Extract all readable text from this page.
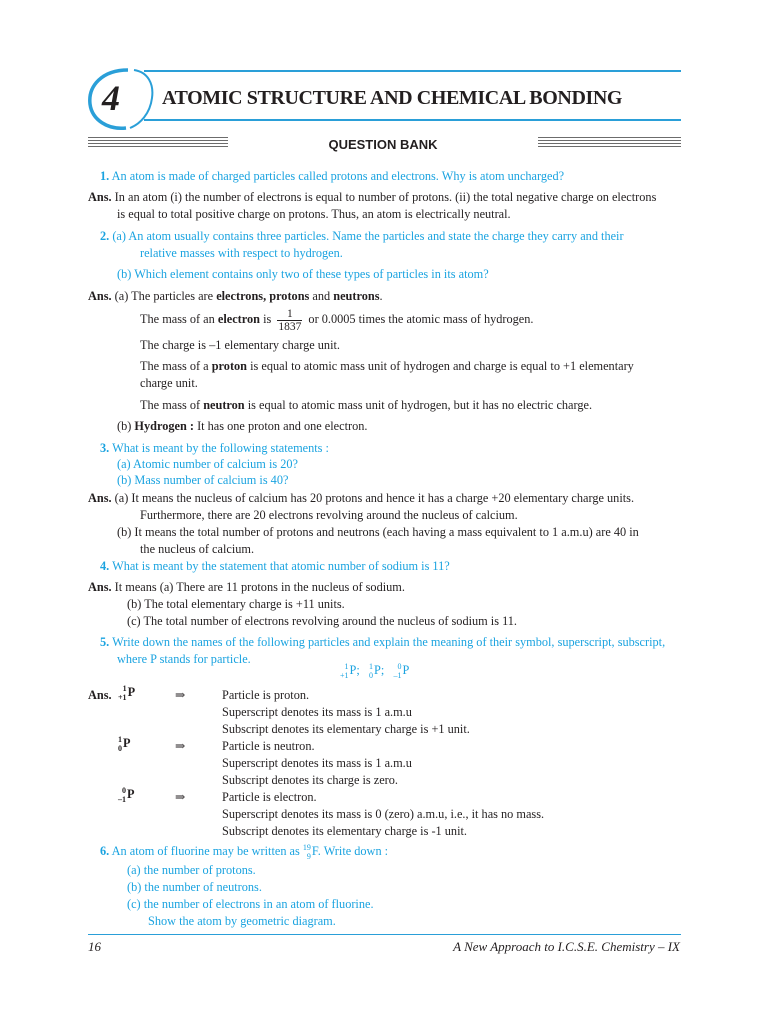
4 ATOMIC STRUCTURE AND CHEMICAL BONDING
QUESTION BANK
1. An atom is made of charged particles called protons and electrons. Why is atom uncharged?
Ans. In an atom (i) the number of electrons is equal to number of protons. (ii) the total negative charge on electrons
is equal to total positive charge on protons. Thus, an atom is electrically neutral.
2. (a) An atom usually contains three particles. Name the particles and state the charge they carry and their
relative masses with respect to hydrogen.
(b) Which element contains only two of these types of particles in its atom?
Ans. (a) The particles are electrons, protons and neutrons.
The mass of an electron is $\frac{1}{1837}$ or 0.0005 times the atomic mass of hydrogen.
The charge is –1 elementary charge unit.
The mass of a proton is equal to atomic mass unit of hydrogen and charge is equal to +1 elementary
charge unit.
The mass of neutron is equal to atomic mass unit of hydrogen, but it has no electric charge.
(b) Hydrogen : It has one proton and one electron.
3. What is meant by the following statements :
(a) Atomic number of calcium is 20?
(b) Mass number of calcium is 40?
Ans. (a) It means the nucleus of calcium has 20 protons and hence it has a charge +20 elementary charge units.
Furthermore, there are 20 electrons revolving around the nucleus of calcium.
(b) It means the total number of protons and neutrons (each having a mass equivalent to 1 a.m.u) are 40 in
the nucleus of calcium.
4. What is meant by the statement that atomic number of sodium is 11?
Ans. It means (a) There are 11 protons in the nucleus of sodium.
(b) The total elementary charge is +11 units.
(c) The total number of electrons revolving around the nucleus of sodium is 11.
5. Write down the names of the following particles and explain the meaning of their symbol, superscript, subscript,
where P stands for particle.
1
+1 P; 1
0 P;	0
–1 P
Ans.	1
+1 P	⇒	Particle is proton.
Superscript denotes its mass is 1 a.m.u
Subscript denotes its elementary charge is +1 unit.
1
0 P	⇒	Particle is neutron.
Superscript denotes its mass is 1 a.m.u
Subscript denotes its charge is zero.
0
–1 P	⇒	Particle is electron.
Superscript denotes its mass is 0 (zero) a.m.u, i.e., it has no mass.
Subscript denotes its elementary charge is -1 unit.
6. An atom of fluorine may be written as 19
9 F. Write down :
(a) the number of protons.
(b) the number of neutrons.
(c) the number of electrons in an atom of fluorine.
Show the atom by geometric diagram.
16	A New Approach to I.C.S.E. Chemistry – IX
